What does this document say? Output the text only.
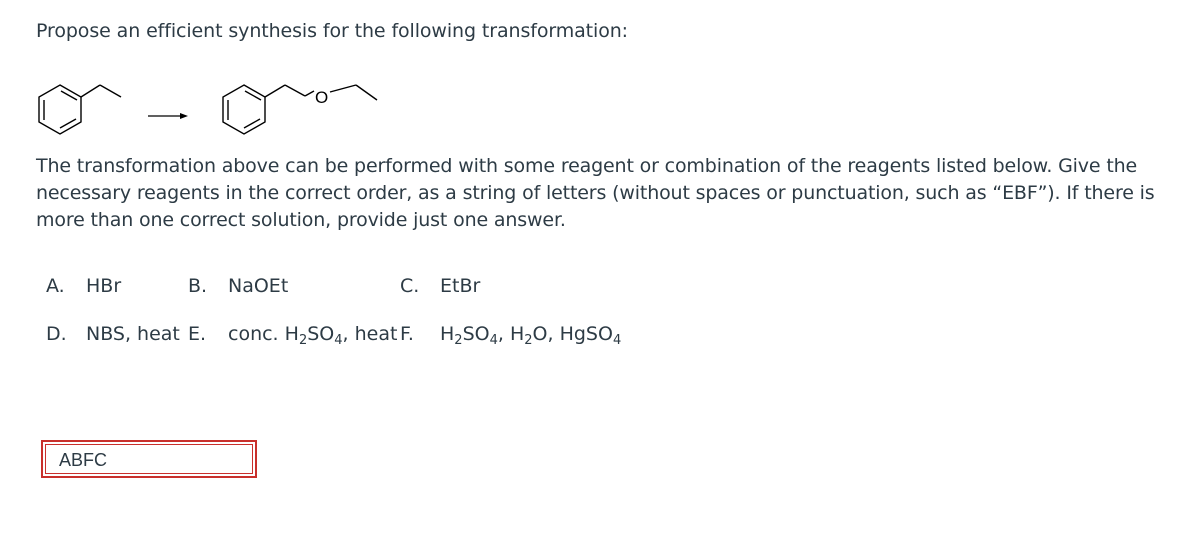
Propose an efficient synthesis for the following transformation:
O
The transformation above can be performed with some reagent or combination of the reagents listed below. Give the necessary reagents in the correct order, as a string of letters (without spaces or punctuation, such as “EBF”). If there is more than one correct solution, provide just one answer.
A. HBr	B. NaOEt	C. EtBr
D. NBS, heat E. conc. $H_2SO_4$, heat F. $H_2SO_4$, $H_2O$, HgSO$_4$
ABFC
